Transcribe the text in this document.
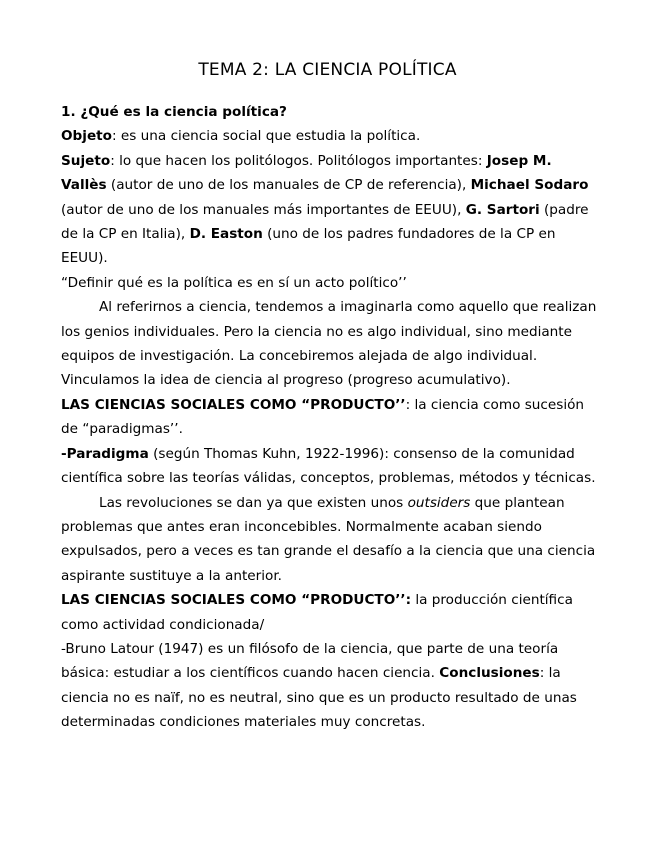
TEMA 2: LA CIENCIA POLÍTICA

1. ¿Qué es la ciencia política?

Objeto: es una ciencia social que estudia la política.

Sujeto: lo que hacen los politólogos. Politólogos importantes: Josep M. Vallès (autor de uno de los manuales de CP de referencia), Michael Sodaro (autor de uno de los manuales más importantes de EEUU), G. Sartori (padre de la CP en Italia), D. Easton (uno de los padres fundadores de la CP en EEUU).

“Definir qué es la política es en sí un acto político’’

Al referirnos a ciencia, tendemos a imaginarla como aquello que realizan los genios individuales. Pero la ciencia no es algo individual, sino mediante equipos de investigación. La concebiremos alejada de algo individual. Vinculamos la idea de ciencia al progreso (progreso acumulativo).

LAS CIENCIAS SOCIALES COMO “PRODUCTO’’: la ciencia como sucesión de “paradigmas’’.

-Paradigma (según Thomas Kuhn, 1922-1996): consenso de la comunidad científica sobre las teorías válidas, conceptos, problemas, métodos y técnicas.

Las revoluciones se dan ya que existen unos outsiders que plantean problemas que antes eran inconcebibles. Normalmente acaban siendo expulsados, pero a veces es tan grande el desafío a la ciencia que una ciencia aspirante sustituye a la anterior.

LAS CIENCIAS SOCIALES COMO “PRODUCTO’’: la producción científica como actividad condicionada/

-Bruno Latour (1947) es un filósofo de la ciencia, que parte de una teoría básica: estudiar a los científicos cuando hacen ciencia. Conclusiones: la ciencia no es naïf, no es neutral, sino que es un producto resultado de unas determinadas condiciones materiales muy concretas.
